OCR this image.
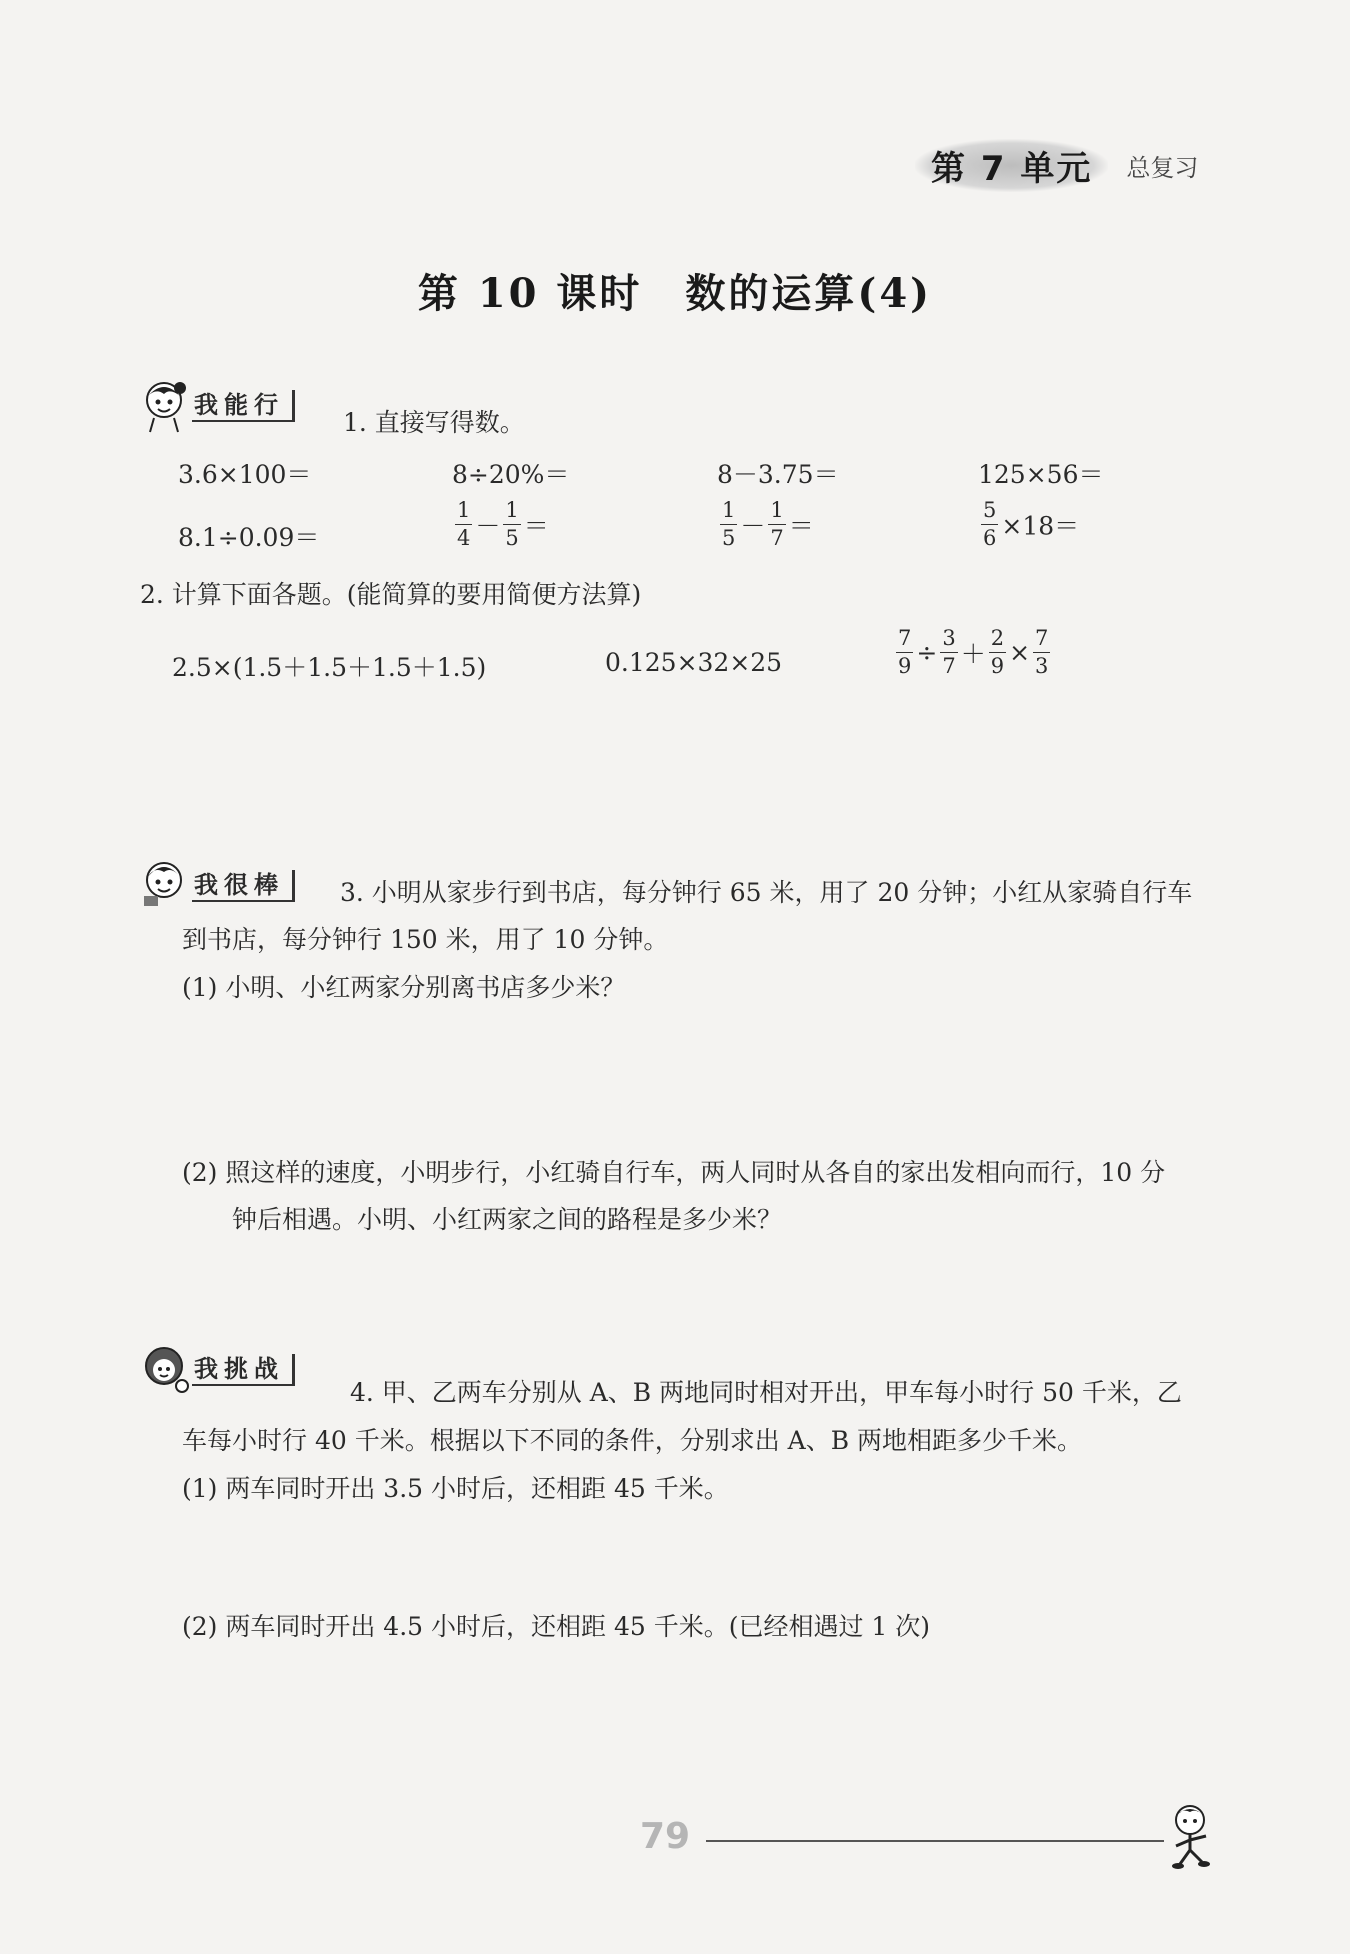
第 7 单元	总复习
第 10 课时　数的运算(4)
我能行
1. 直接写得数。
3.6×100＝	8÷20%＝	8－3.75＝	125×56＝
8.1÷0.09＝	$\frac{1}{4} - \frac{1}{5}$ ＝	$\frac{1}{5} - \frac{1}{7}$ ＝	$\frac{5}{6} \times 18=$
2. 计算下面各题。(能简算的要用简便方法算)
2.5×(1.5＋1.5＋1.5＋1.5)	0.125×32×25	$\frac{7}{9} \div \frac{3}{7} + \frac{2}{9} \times \frac{7}{3}$
我很棒	3. 小明从家步行到书店，每分钟行 65 米，用了 20 分钟；小红从家骑自行车
到书店，每分钟行 150 米，用了 10 分钟。
(1) 小明、小红两家分别离书店多少米？
(2) 照这样的速度，小明步行，小红骑自行车，两人同时从各自的家出发相向而行，10 分
钟后相遇。小明、小红两家之间的路程是多少米？
我挑战
4. 甲、乙两车分别从 A、B 两地同时相对开出，甲车每小时行 50 千米，乙
车每小时行 40 千米。根据以下不同的条件，分别求出 A、B 两地相距多少千米。
(1) 两车同时开出 3.5 小时后，还相距 45 千米。
(2) 两车同时开出 4.5 小时后，还相距 45 千米。(已经相遇过 1 次)
79
